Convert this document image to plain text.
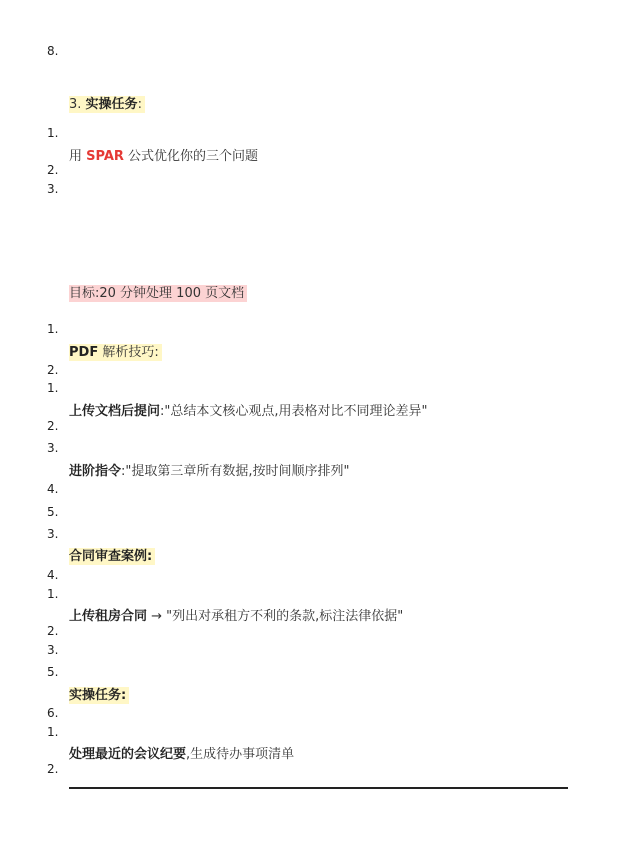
8.
3. 实操任务:
1.
用 SPAR 公式优化你的三个问题
2.
3.
目标:20 分钟处理 100 页文档
1.
PDF 解析技巧:
2.
1.
上传文档后提问:"总结本文核心观点,用表格对比不同理论差异"
2.
3.
进阶指令:"提取第三章所有数据,按时间顺序排列"
4.
5.
3.
合同审查案例:
4.
1.
上传租房合同 → "列出对承租方不利的条款,标注法律依据"
2.
3.
5.
实操任务:
6.
1.
处理最近的会议纪要,生成待办事项清单
2.
